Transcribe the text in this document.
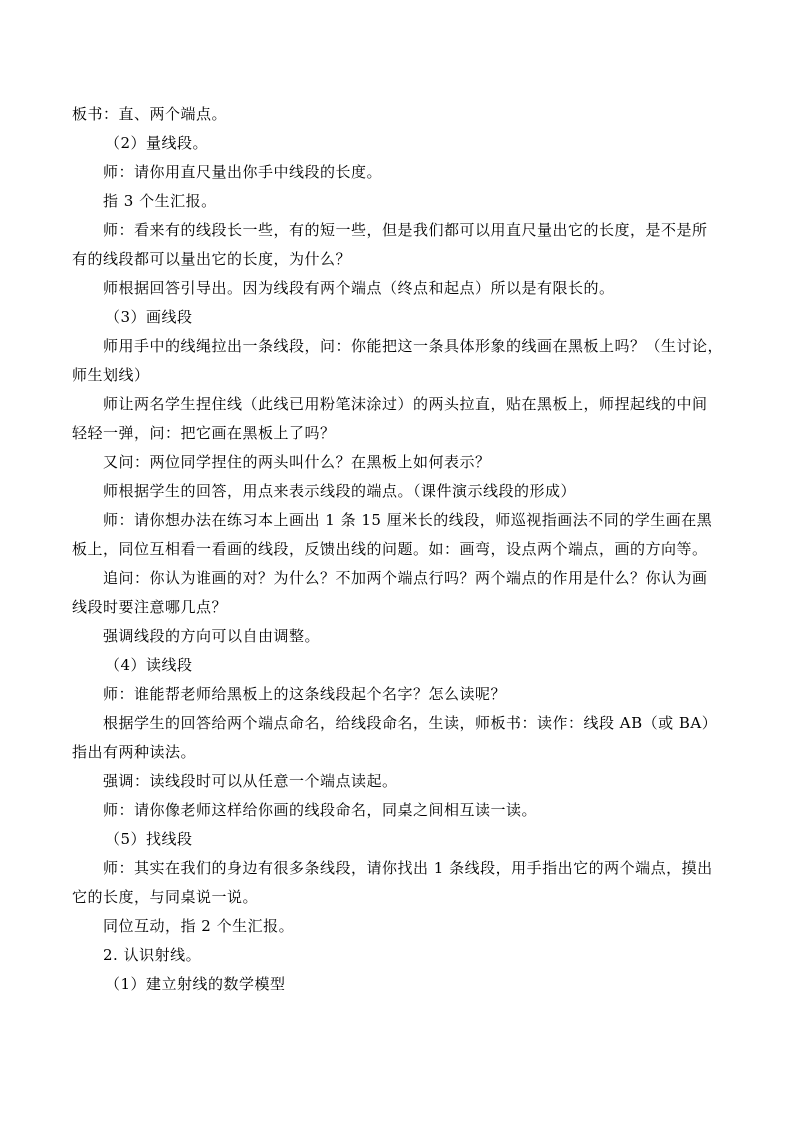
板书：直、两个端点。
（2）量线段。
师：请你用直尺量出你手中线段的长度。
指 3 个生汇报。
师：看来有的线段长一些，有的短一些，但是我们都可以用直尺量出它的长度，是不是所
有的线段都可以量出它的长度，为什么？
师根据回答引导出。因为线段有两个端点（终点和起点）所以是有限长的。
（3）画线段
师用手中的线绳拉出一条线段，问：你能把这一条具体形象的线画在黑板上吗？（生讨论，
师生划线）
师让两名学生捏住线（此线已用粉笔沫涂过）的两头拉直，贴在黑板上，师捏起线的中间
轻轻一弹，问：把它画在黑板上了吗？
又问：两位同学捏住的两头叫什么？在黑板上如何表示？
师根据学生的回答，用点来表示线段的端点。（课件演示线段的形成）
师：请你想办法在练习本上画出 1 条 15 厘米长的线段，师巡视指画法不同的学生画在黑
板上，同位互相看一看画的线段，反馈出线的问题。如：画弯，设点两个端点，画的方向等。
追问：你认为谁画的对？为什么？不加两个端点行吗？两个端点的作用是什么？你认为画
线段时要注意哪几点？
强调线段的方向可以自由调整。
（4）读线段
师：谁能帮老师给黑板上的这条线段起个名字？怎么读呢？
根据学生的回答给两个端点命名，给线段命名，生读，师板书：读作：线段 AB（或 BA）
指出有两种读法。
强调：读线段时可以从任意一个端点读起。
师：请你像老师这样给你画的线段命名，同桌之间相互读一读。
（5）找线段
师：其实在我们的身边有很多条线段，请你找出 1 条线段，用手指出它的两个端点，摸出
它的长度，与同桌说一说。
同位互动，指 2 个生汇报。
2. 认识射线。
（1）建立射线的数学模型
